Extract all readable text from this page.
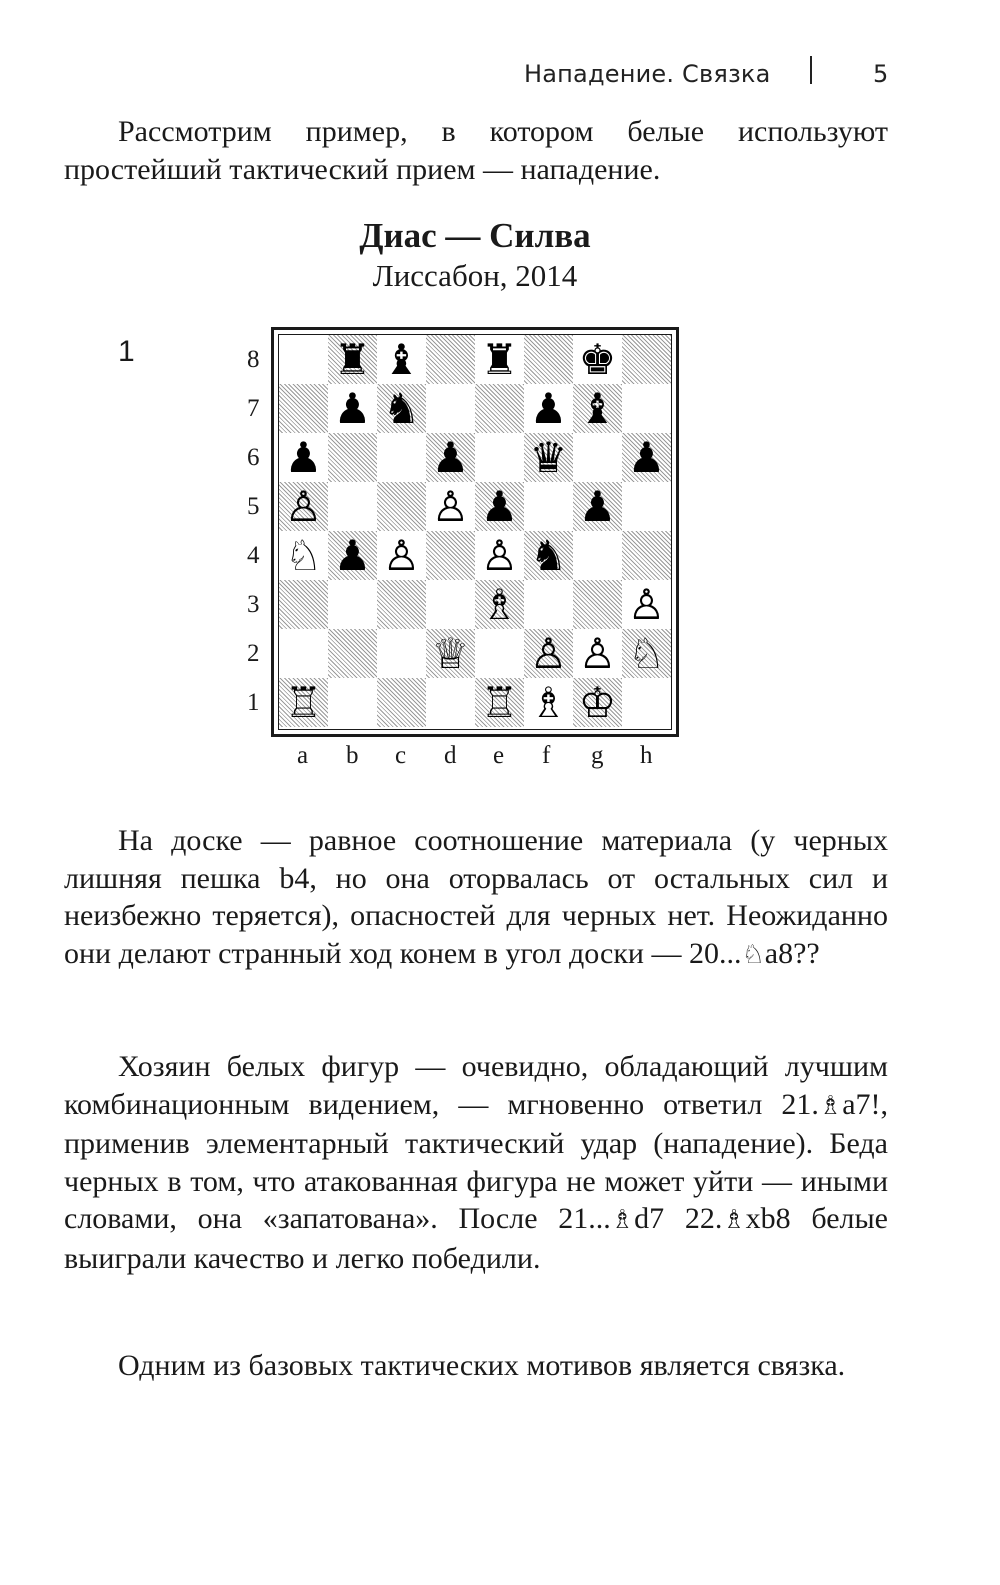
Нападение. Связка	5

Рассмотрим пример, в котором белые используют простейший тактический прием — нападение.

Диас — Силва
Лиссабон, 2014
1	8
7
6
5
4
3
2
1
♜ ♝ ♜ ♚
♟ ♞	♟ ♝
♟	♟ ♛ ♟
♙	♙ ♟ ♟
♘ ♟ ♙ ♙ ♞
♗	♙
♕ ♙ ♙ ♘
♖	♖ ♗ ♔
a b c d e f g h

На доске — равное соотношение материала (у черных лишняя пешка b4, но она оторвалась от остальных сил и неизбежно теряется), опасностей для черных нет. Неожиданно они делают странный ход конем в угол доски — 20...♘a8??

Хозяин белых фигур — очевидно, обладающий лучшим комбинационным видением, — мгновенно ответил 21.♗a7!, применив элементарный тактический удар (нападение). Беда черных в том, что атакованная фигура не может уйти — иными словами, она «запатована». После 21...♗d7 22.♗xb8 белые выиграли качество и легко победили.

Одним из базовых тактических мотивов является связка.
